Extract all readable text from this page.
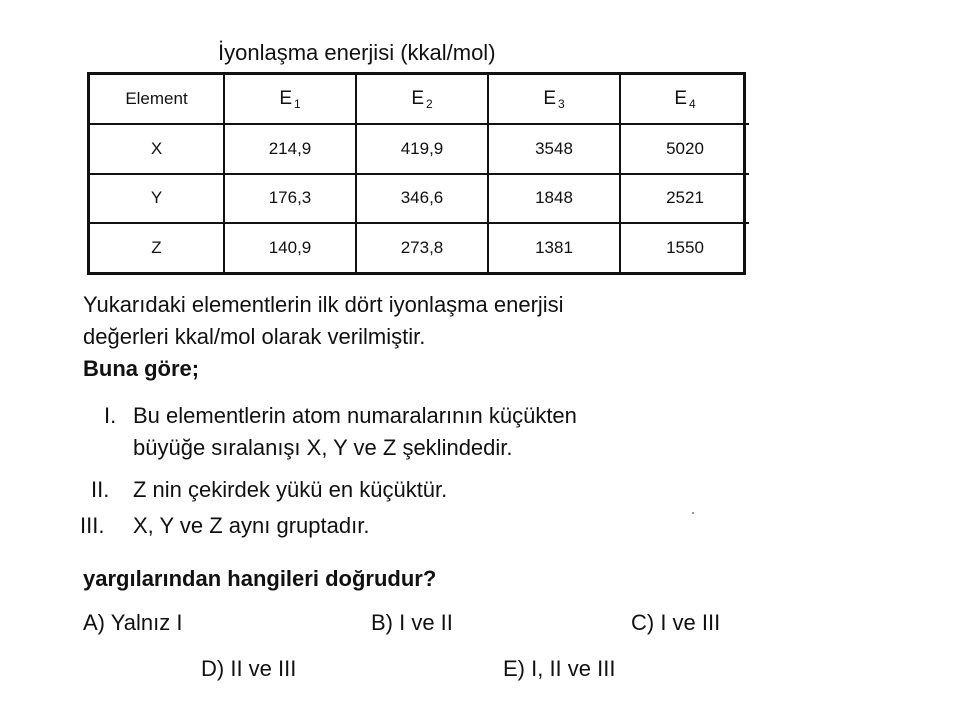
İyonlaşma enerjisi (kkal/mol)
Element	E $_1$	E $_2$	E $_3$	E $_4$
X	214,9	419,9	3548	5020
Y	176,3	346,6	1848	2521
Z	140,9	273,8	1381	1550
Yukarıdaki elementlerin ilk dört iyonlaşma enerjisi
değerleri kkal/mol olarak verilmiştir.
Buna göre;
I. Bu elementlerin atom numaralarının küçükten
büyüğe sıralanışı X, Y ve Z şeklindedir.
II. Z nin çekirdek yükü en küçüktür.
III. X, Y ve Z aynı gruptadır.
yargılarından hangileri doğrudur?
A) Yalnız I	B) I ve II	C) I ve III
D) II ve III	E) I, II ve III
